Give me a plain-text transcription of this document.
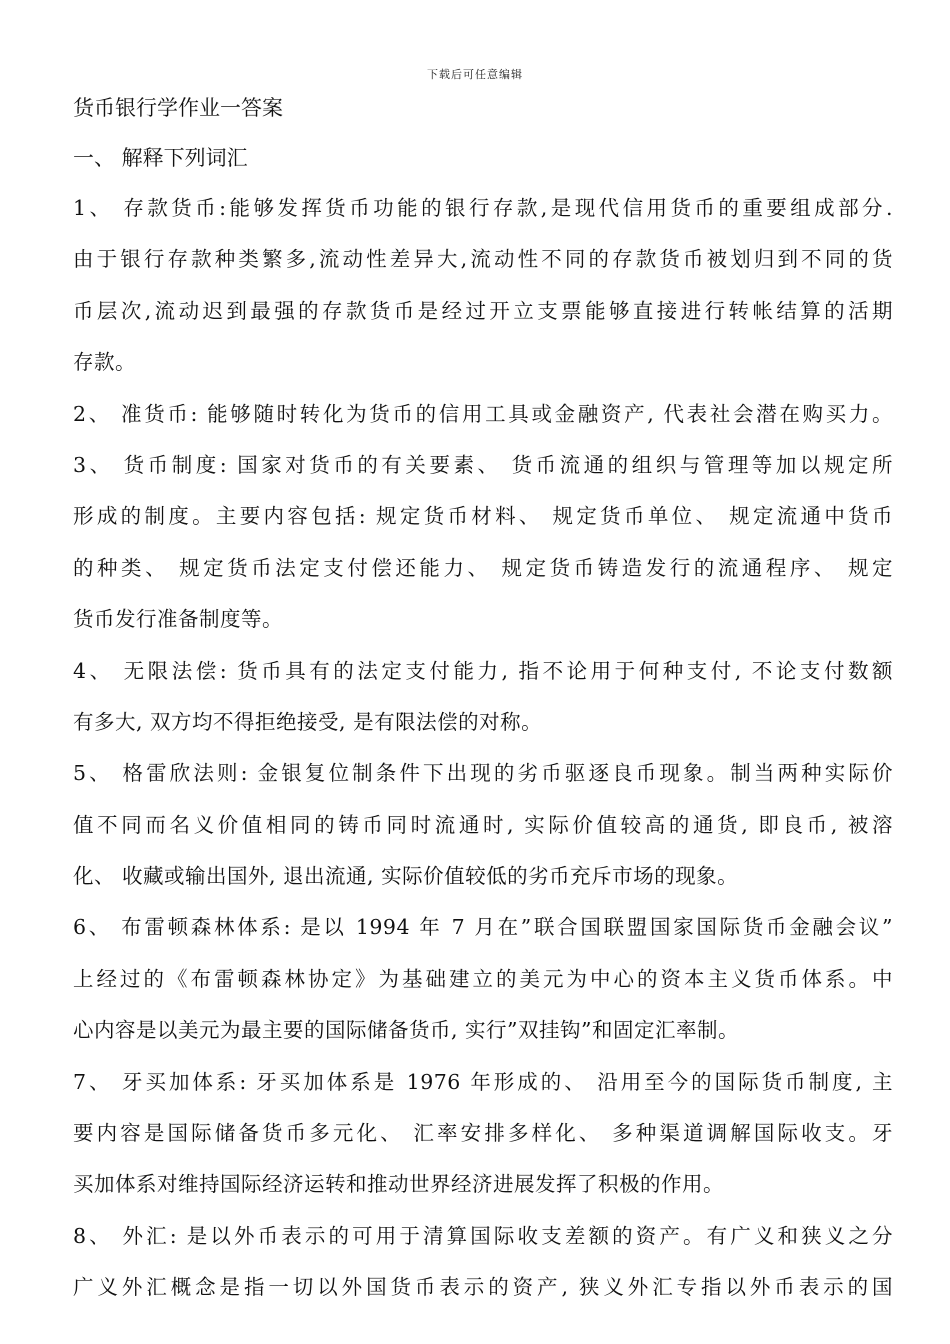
下载后可任意编辑
货币银行学作业一答案
一、 解释下列词汇
1、 存款货币:能够发挥货币功能的银行存款,是现代信用货币的重要组成部分.
由于银行存款种类繁多,流动性差异大,流动性不同的存款货币被划归到不同的货
币层次,流动迟到最强的存款货币是经过开立支票能够直接进行转帐结算的活期
存款。
2、 准货币: 能够随时转化为货币的信用工具或金融资产, 代表社会潜在购买力。
3、 货币制度: 国家对货币的有关要素、 货币流通的组织与管理等加以规定所
形成的制度。主要内容包括: 规定货币材料、 规定货币单位、 规定流通中货币
的种类、 规定货币法定支付偿还能力、 规定货币铸造发行的流通程序、 规定
货币发行准备制度等。
4、 无限法偿: 货币具有的法定支付能力, 指不论用于何种支付, 不论支付数额
有多大, 双方均不得拒绝接受, 是有限法偿的对称。
5、 格雷欣法则: 金银复位制条件下出现的劣币驱逐良币现象。制当两种实际价
值不同而名义价值相同的铸币同时流通时, 实际价值较高的通货, 即良币, 被溶
化、 收藏或输出国外, 退出流通, 实际价值较低的劣币充斥市场的现象。
6、 布雷顿森林体系: 是以 1994 年 7 月在”联合国联盟国家国际货币金融会议”
上经过的《布雷顿森林协定》为基础建立的美元为中心的资本主义货币体系。中
心内容是以美元为最主要的国际储备货币, 实行”双挂钩”和固定汇率制。
7、 牙买加体系: 牙买加体系是 1976 年形成的、 沿用至今的国际货币制度, 主
要内容是国际储备货币多元化、 汇率安排多样化、 多种渠道调解国际收支。牙
买加体系对维持国际经济运转和推动世界经济进展发挥了积极的作用。
8、 外汇: 是以外币表示的可用于清算国际收支差额的资产。有广义和狭义之分
广义外汇概念是指一切以外国货币表示的资产, 狭义外汇专指以外币表示的国
